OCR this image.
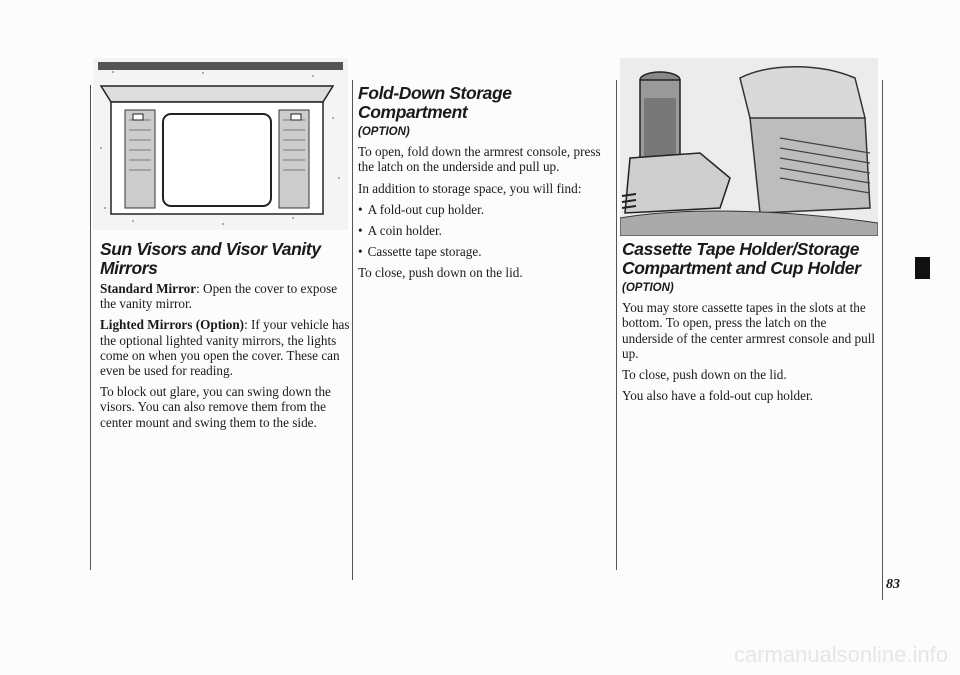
Sun Visors and Visor Vanity
Mirrors

Standard Mirror: Open the cover to expose the vanity mirror.

Lighted Mirrors (Option): If your vehicle has the optional lighted vanity mirrors, the lights come on when you open the cover. These can even be used for reading.

To block out glare, you can swing down the visors. You can also remove them from the center mount and swing them to the side.

Fold-Down Storage Compartment
(OPTION)

To open, fold down the armrest console, press the latch on the underside and pull up.

In addition to storage space, you will find:

• A fold-out cup holder.
• A coin holder.
• Cassette tape storage.

To close, push down on the lid.

Cassette Tape Holder/Storage
Compartment and Cup Holder
(OPTION)

You may store cassette tapes in the slots at the bottom. To open, press the latch on the underside of the center armrest console and pull up.

To close, push down on the lid.

You also have a fold-out cup holder.

83
carmanualsonline.info
